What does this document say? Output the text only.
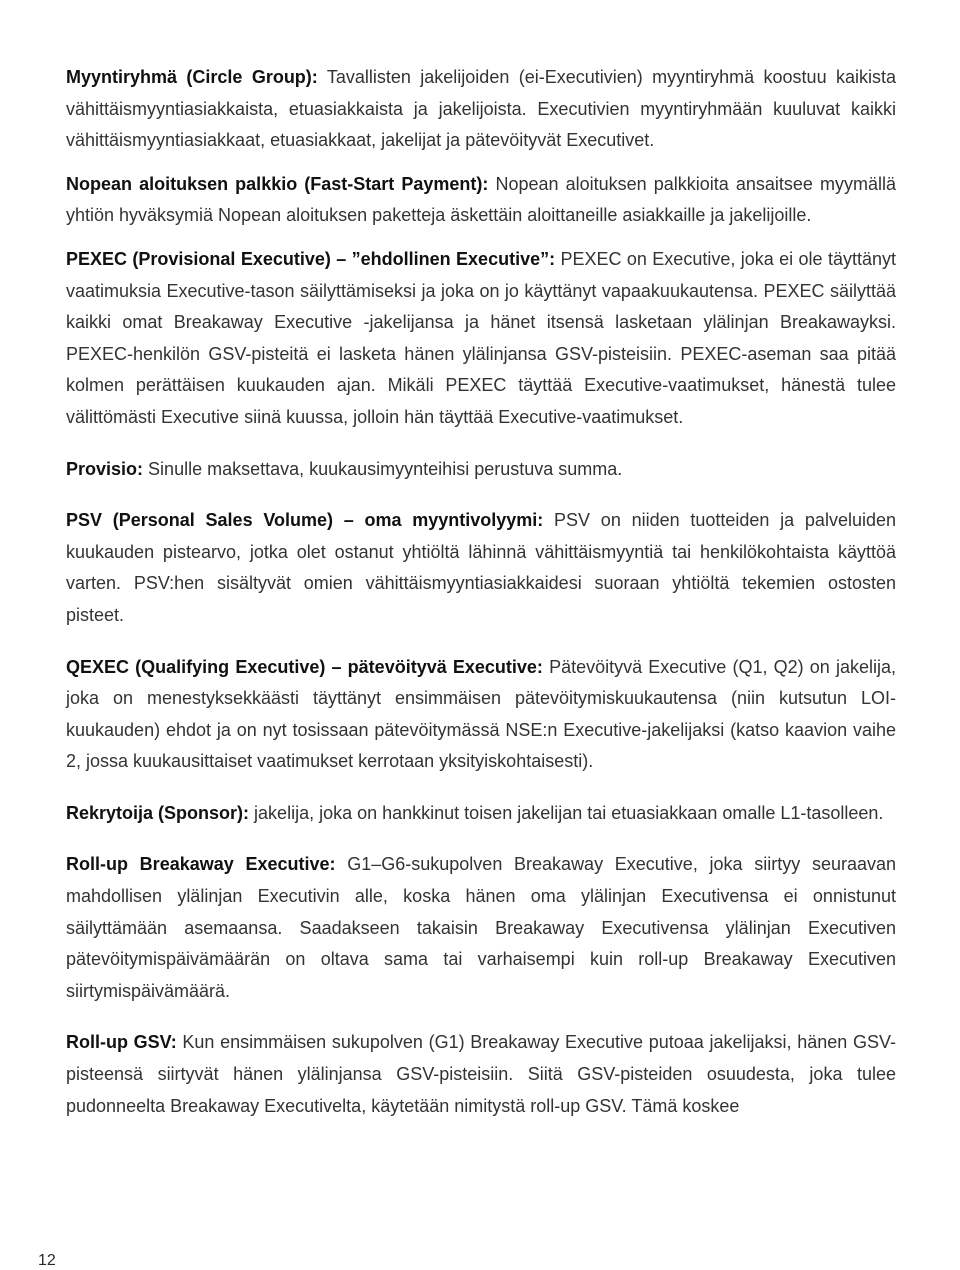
Myyntiryhmä (Circle Group): Tavallisten jakelijoiden (ei-Executivien) myyntiryhmä koostuu kaikista vähittäismyyntiasiakkaista, etuasiakkaista ja jakelijoista. Executivien myyntiryhmään kuuluvat kaikki vähittäismyyntiasiakkaat, etuasiakkaat, jakelijat ja pätevöityvät Executivet.

Nopean aloituksen palkkio (Fast-Start Payment): Nopean aloituksen palkkioita ansaitsee myymällä yhtiön hyväksymiä Nopean aloituksen paketteja äskettäin aloittaneille asiakkaille ja jakelijoille.

PEXEC (Provisional Executive) – ”ehdollinen Executive”: PEXEC on Executive, joka ei ole täyttänyt vaatimuksia Executive-tason säilyttämiseksi ja joka on jo käyttänyt vapaakuukautensa. PEXEC säilyttää kaikki omat Breakaway Executive -jakelijansa ja hänet itsensä lasketaan ylälinjan Breakawayksi. PEXEC-henkilön GSV-pisteitä ei lasketa hänen ylälinjansa GSV-pisteisiin. PEXEC-aseman saa pitää kolmen perättäisen kuukauden ajan. Mikäli PEXEC täyttää Executive-vaatimukset, hänestä tulee välittömästi Executive siinä kuussa, jolloin hän täyttää Executive-vaatimukset.

Provisio: Sinulle maksettava, kuukausimyynteihisi perustuva summa.

PSV (Personal Sales Volume) – oma myyntivolyymi: PSV on niiden tuotteiden ja palveluiden kuukauden pistearvo, jotka olet ostanut yhtiöltä lähinnä vähittäismyyntiä tai henkilökohtaista käyttöä varten. PSV:hen sisältyvät omien vähittäismyyntiasiakkaidesi suoraan yhtiöltä tekemien ostosten pisteet.

QEXEC (Qualifying Executive) – pätevöityvä Executive: Pätevöityvä Executive (Q1, Q2) on jakelija, joka on menestyksekkäästi täyttänyt ensimmäisen pätevöitymiskuukautensa (niin kutsutun LOI-kuukauden) ehdot ja on nyt tosissaan pätevöitymässä NSE:n Executive-jakelijaksi (katso kaavion vaihe 2, jossa kuukausittaiset vaatimukset kerrotaan yksityiskohtaisesti).

Rekrytoija (Sponsor): jakelija, joka on hankkinut toisen jakelijan tai etuasiakkaan omalle L1-tasolleen.

Roll-up Breakaway Executive: G1–G6-sukupolven Breakaway Executive, joka siirtyy seuraavan mahdollisen ylälinjan Executivin alle, koska hänen oma ylälinjan Executivensa ei onnistunut säilyttämään asemaansa. Saadakseen takaisin Breakaway Executivensa ylälinjan Executiven pätevöitymispäivämäärän on oltava sama tai varhaisempi kuin roll-up Breakaway Executiven siirtymispäivämäärä.

Roll-up GSV: Kun ensimmäisen sukupolven (G1) Breakaway Executive putoaa jakelijaksi, hänen GSV-pisteensä siirtyvät hänen ylälinjansa GSV-pisteisiin. Siitä GSV-pisteiden osuudesta, joka tulee pudonneelta Breakaway Executivelta, käytetään nimitystä roll-up GSV. Tämä koskee

12
